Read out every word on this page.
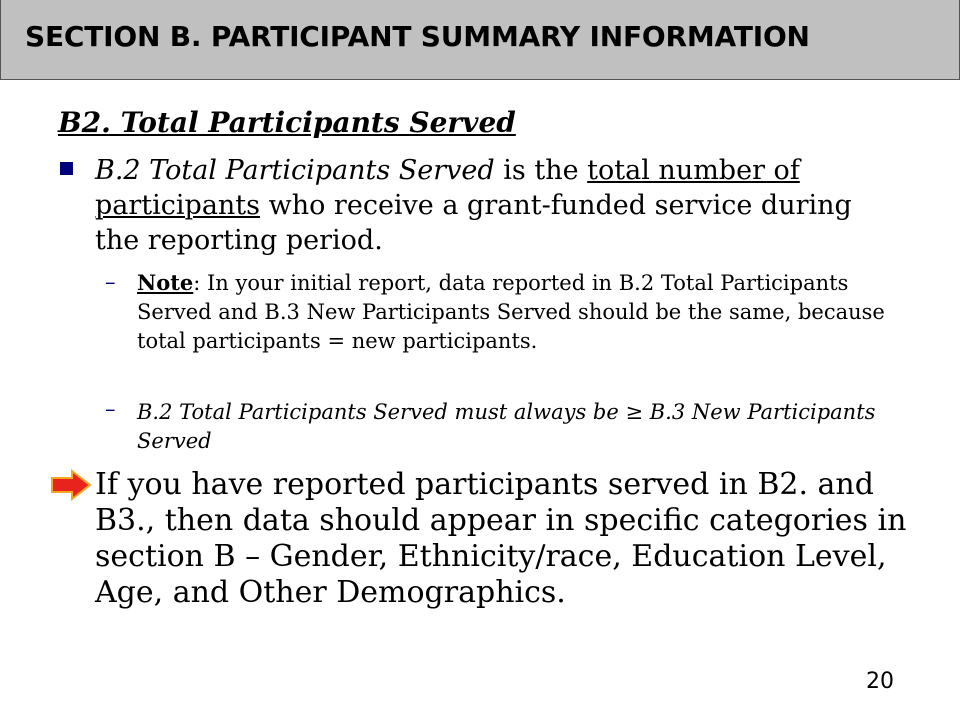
SECTION B. PARTICIPANT SUMMARY INFORMATION
B2. Total Participants Served

B.2 Total Participants Served is the total number of participants who receive a grant-funded service during the reporting period.

– Note: In your initial report, data reported in B.2 Total Participants Served and B.3 New Participants Served should be the same, because total participants = new participants.

– B.2 Total Participants Served must always be ≥ B.3 New Participants Served

If you have reported participants served in B2. and B3., then data should appear in specific categories in section B – Gender, Ethnicity/race, Education Level, Age, and Other Demographics.

20
